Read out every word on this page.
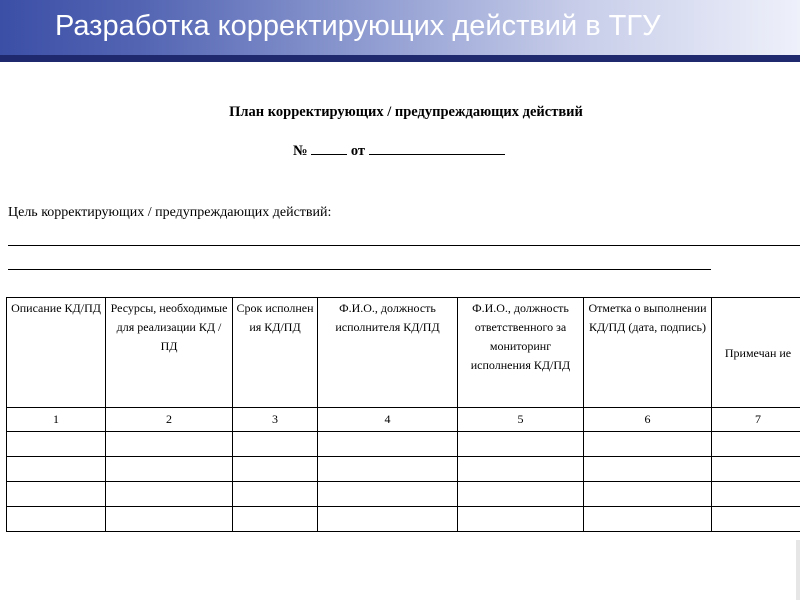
Разработка корректирующих действий в ТГУ
План корректирующих / предупреждающих действий
№	от
Цель корректирующих / предупреждающих действий:
Описание КД/ПД	Ресурсы, необходимые для реализации КД / ПД	Срок исполнен ия КД/ПД	Ф.И.О., должность исполнителя КД/ПД	Ф.И.О., должность ответственного за мониторинг исполнения КД/ПД	Отметка о выполнении КД/ПД (дата, подпись)	Примечан ие
1	2	3	4	5	6	7
